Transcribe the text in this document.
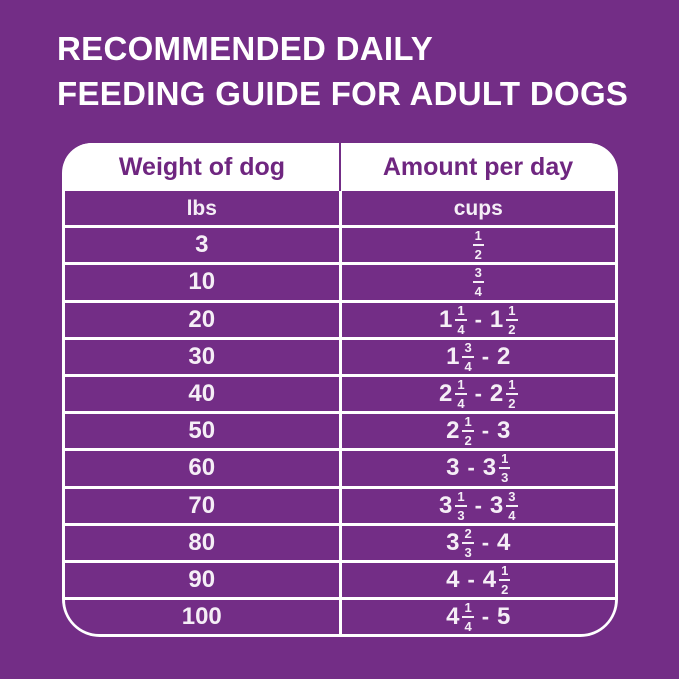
RECOMMENDED DAILY
FEEDING GUIDE FOR ADULT DOGS
Weight of dog	Amount per day
lbs	cups
3	$\frac{1}{2}$
10	$\frac{3}{4}$
20	$1 \frac{1}{4} - 1 \frac{1}{2}$
30	$1 \frac{3}{4} - 2$
40	$2 \frac{1}{4} - 2 \frac{1}{2}$
50	$2 \frac{1}{2} - 3$
60	$3 - 3 \frac{1}{3}$
70	$3 \frac{1}{3} - 3 \frac{3}{4}$
80	$3 \frac{2}{3} - 4$
90	$4 - 4 \frac{1}{2}$
100	$4 \frac{1}{4} - 5$
